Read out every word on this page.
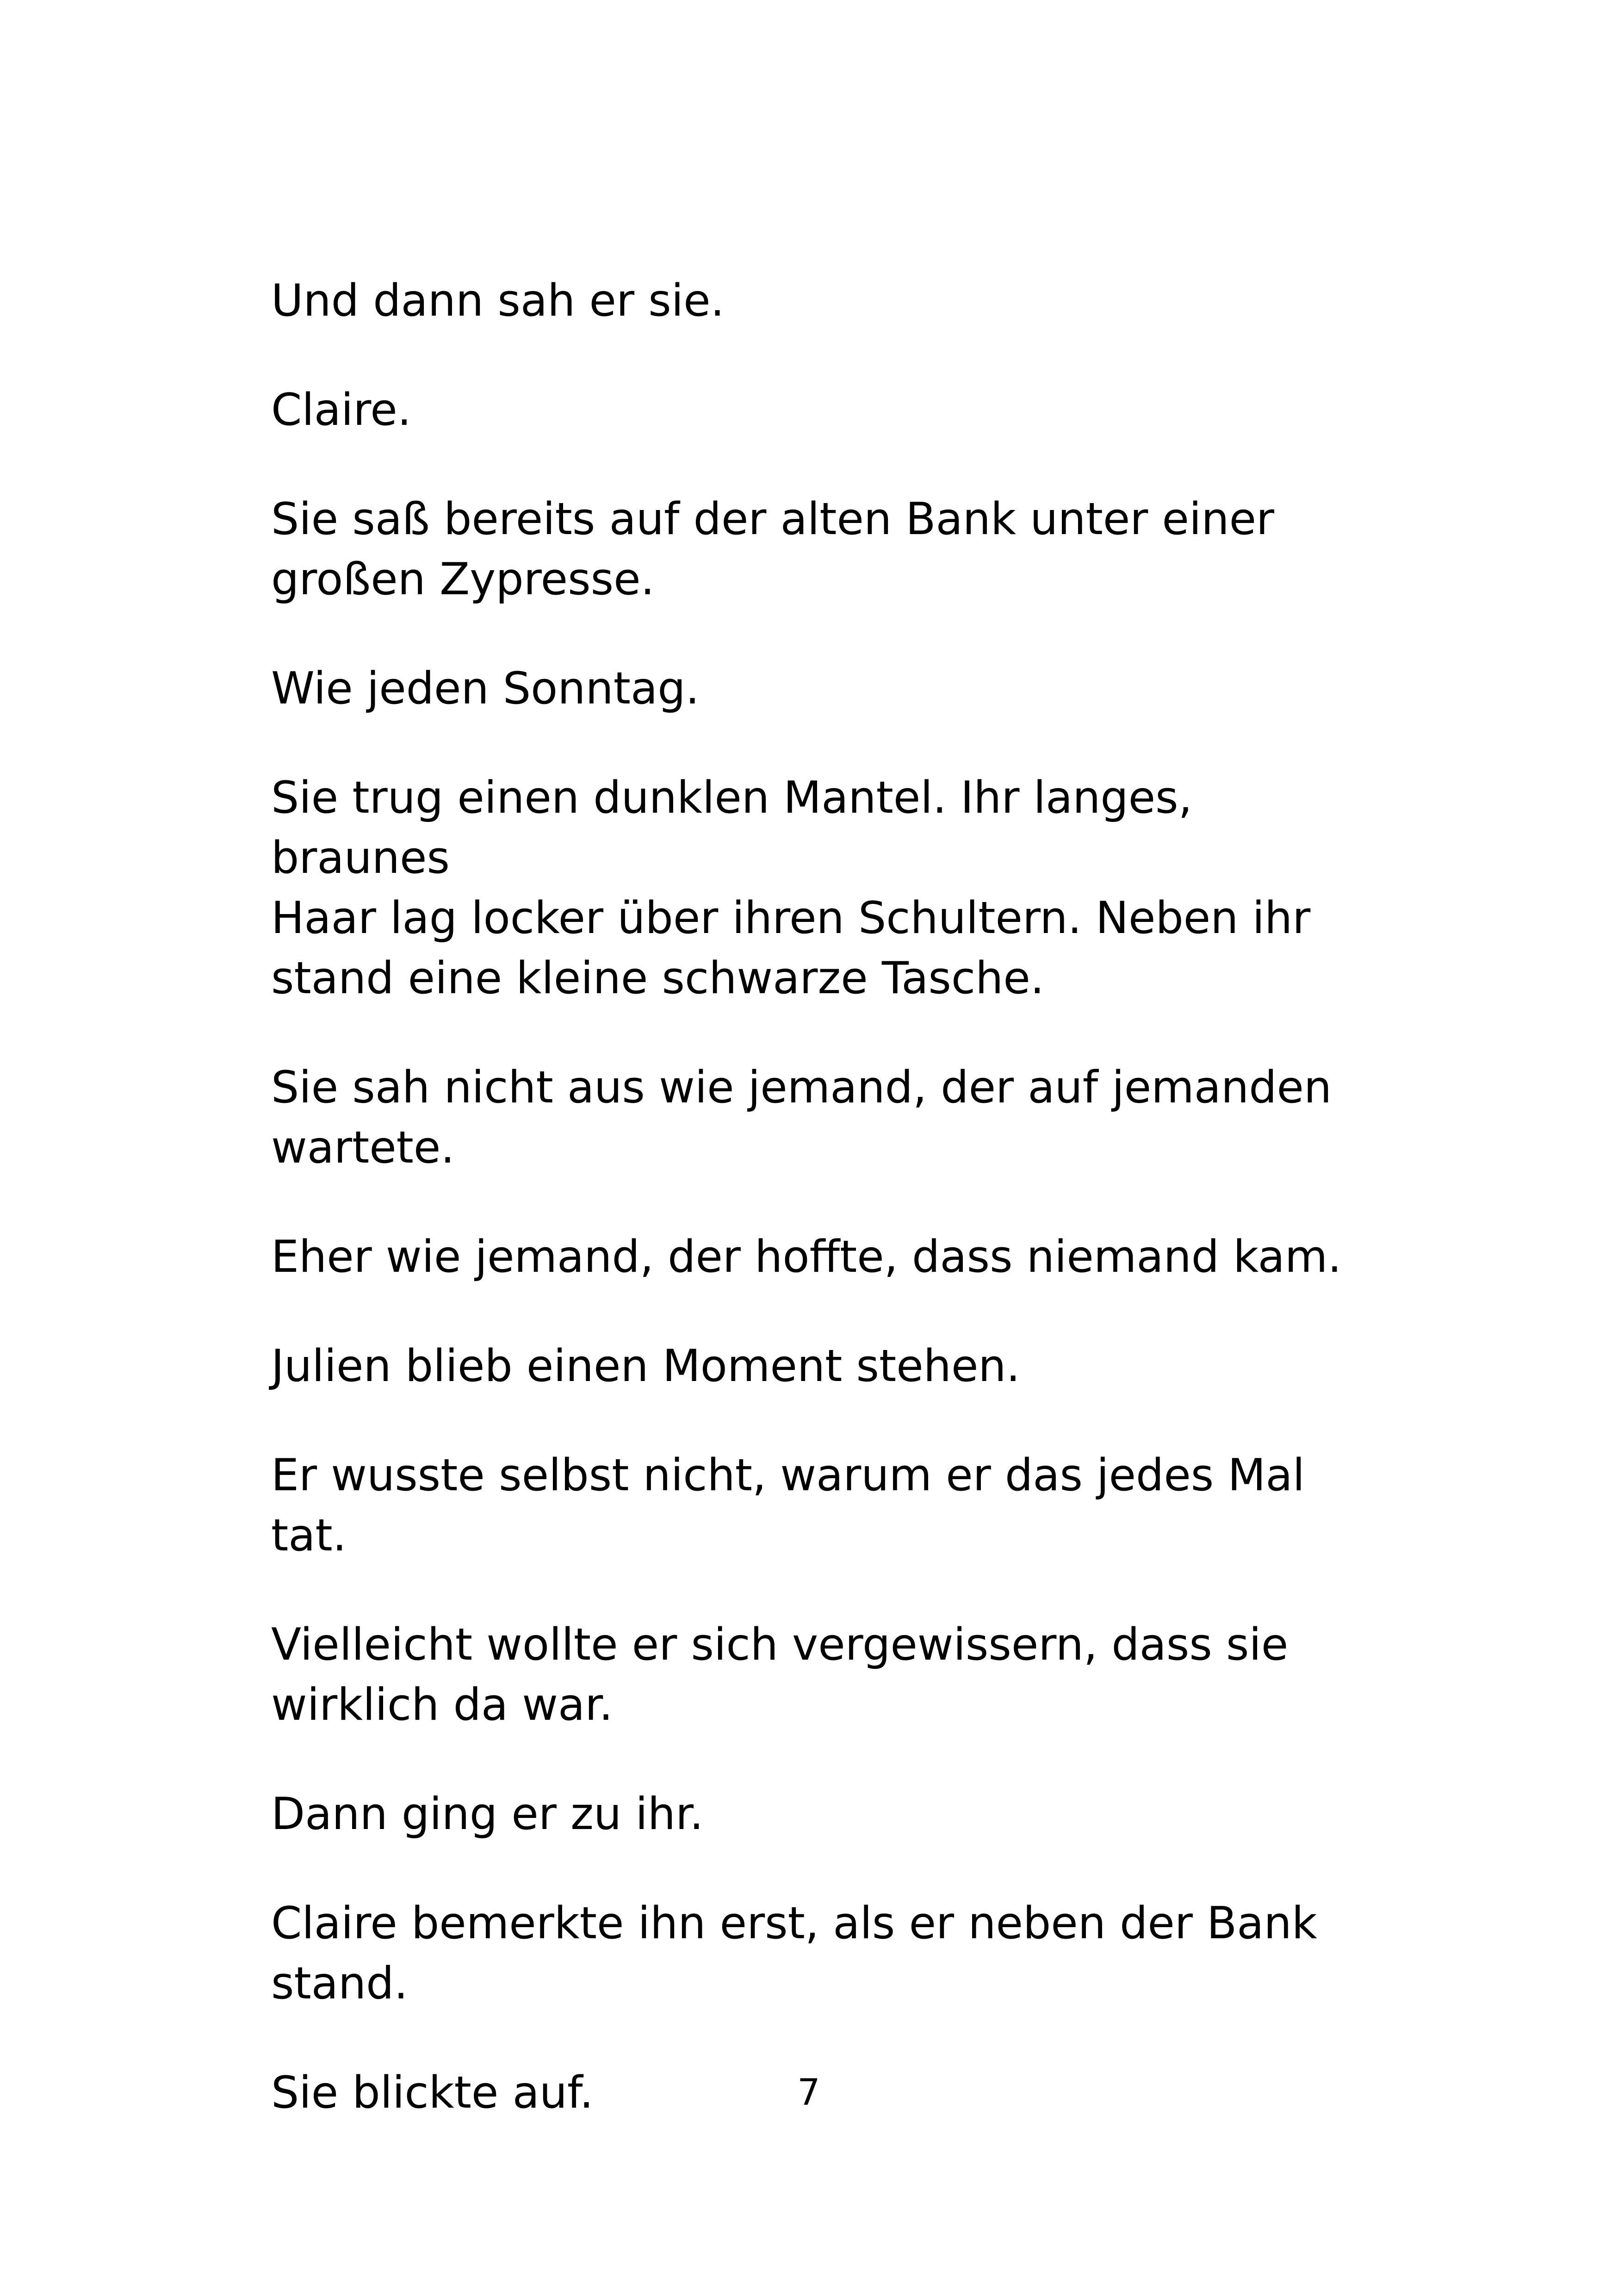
Und dann sah er sie.

Claire.

Sie saß bereits auf der alten Bank unter einer
großen Zypresse.

Wie jeden Sonntag.

Sie trug einen dunklen Mantel. Ihr langes, braunes
Haar lag locker über ihren Schultern. Neben ihr
stand eine kleine schwarze Tasche.

Sie sah nicht aus wie jemand, der auf jemanden
wartete.

Eher wie jemand, der hoffte, dass niemand kam.

Julien blieb einen Moment stehen.

Er wusste selbst nicht, warum er das jedes Mal tat.

Vielleicht wollte er sich vergewissern, dass sie
wirklich da war.

Dann ging er zu ihr.

Claire bemerkte ihn erst, als er neben der Bank
stand.

Sie blickte auf.	7
